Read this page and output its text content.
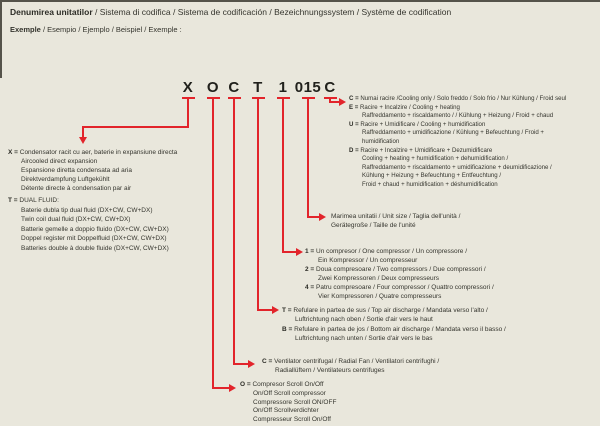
Denumirea unitatilor / Sistema di codifica / Sistema de codificación / Bezeichnungssystem / Système de codification
Exemple / Esempio / Ejemplo / Beispiel / Exemple :
X O C T 1 015 C
X = Condensator racit cu aer, baterie in expansiune directa
Aircooled direct expansion
Espansione diretta condensata ad aria
Direktverdampfung Luftgekühlt
Détente directe à condensation par air
T = DUAL FLUID:
Baterie dubla tip dual fluid (DX+CW, CW+DX)
Twin coil dual fluid (DX+CW, CW+DX)
Batterie gemelle a doppio fluido (DX+CW, CW+DX)
Doppel register mit Doppelfluid (DX+CW, CW+DX)
Batteries double à double fluide (DX+CW, CW+DX)
C = Numai racire /Cooling only / Solo freddo / Solo frio / Nur Kühlung / Froid seul
E = Racire + Incalzire / Cooling + heating
Raffreddamento + riscaldamento / / Kühlung + Heizung / Froid + chaud
U = Racire + Umidificare / Cooling + humidification
Raffreddamento + umidificazione / Kühlung + Befeuchtung / Froid +
humidification
D = Racire + Incalzire + Umidificare + Dezumidificare
Cooling + heating + humidification + dehumidification /
Raffreddamento + riscaldamento + umidificazione + deumidificazione /
Kühlung + Heizung + Befeuchtung + Entfeuchtung /
Froid + chaud + humidification + déshumidification
Marimea unitatii / Unit size / Taglia dell'unità /
Gerätegroße / Taille de l'unité
1 = Un compresor / One compressor / Un compressore /
Ein Kompressor / Un compresseur
2 = Doua compresoare / Two compressors / Due compressori /
Zwei Kompressoren / Deux compresseurs
4 = Patru compresoare / Four compressor / Quattro compressori /
Vier Kompressoren / Quatre compresseurs
T = Refulare in partea de sus / Top air discharge / Mandata verso l'alto /
Luftrichtung nach oben / Sortie d'air vers le haut
B = Refulare in partea de jos / Bottom air discharge / Mandata verso il basso /
Luftrichtung nach unten / Sortie d'air vers le bas
C = Ventilator centrifugal / Radial Fan / Ventilatori centrifughi /
Radiallüftern / Ventilateurs centrifuges
O = Compresor Scroll On/Off
On/Off Scroll compressor
Compressore Scroll ON/OFF
On/Off Scrollverdichter
Compresseur Scroll On/Off
